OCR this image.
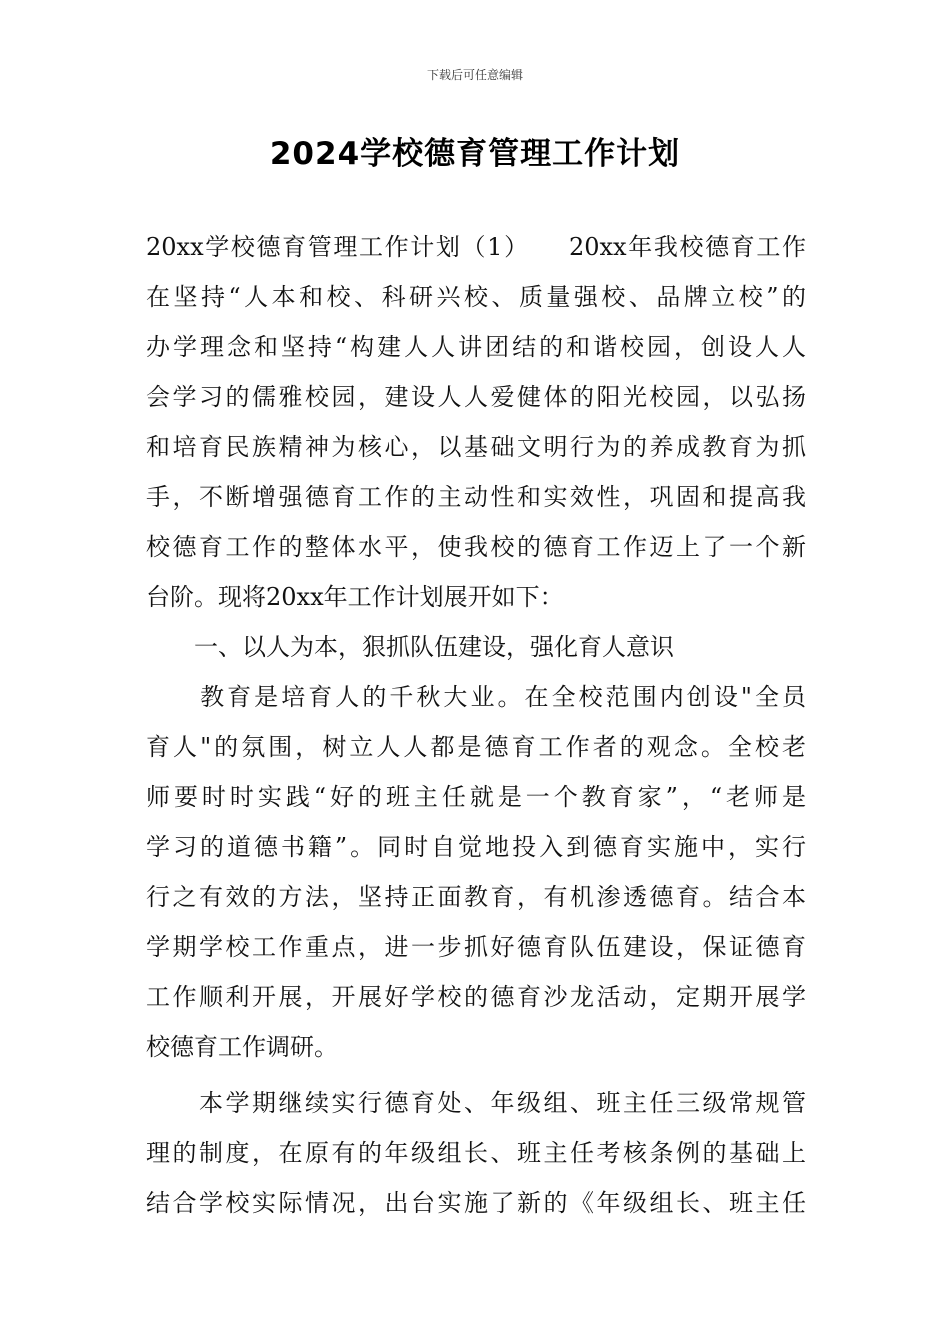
下载后可任意编辑
2024学校德育管理工作计划
20xx学校德育管理工作计划（1）　　20xx年我校德育工作
在坚持“人本和校、科研兴校、质量强校、品牌立校”的
办学理念和坚持“构建人人讲团结的和谐校园，创设人人
会学习的儒雅校园，建设人人爱健体的阳光校园，以弘扬
和培育民族精神为核心，以基础文明行为的养成教育为抓
手，不断增强德育工作的主动性和实效性，巩固和提高我
校德育工作的整体水平，使我校的德育工作迈上了一个新
台阶。现将20xx年工作计划展开如下：
　　一、以人为本，狠抓队伍建设，强化育人意识
　　教育是培育人的千秋大业。在全校范围内创设"全员
育人"的氛围，树立人人都是德育工作者的观念。全校老
师要时时实践“好的班主任就是一个教育家”，“老师是
学习的道德书籍”。同时自觉地投入到德育实施中，实行
行之有效的方法，坚持正面教育，有机渗透德育。结合本
学期学校工作重点，进一步抓好德育队伍建设，保证德育
工作顺利开展，开展好学校的德育沙龙活动，定期开展学
校德育工作调研。
　　本学期继续实行德育处、年级组、班主任三级常规管
理的制度，在原有的年级组长、班主任考核条例的基础上
结合学校实际情况，出台实施了新的《年级组长、班主任
